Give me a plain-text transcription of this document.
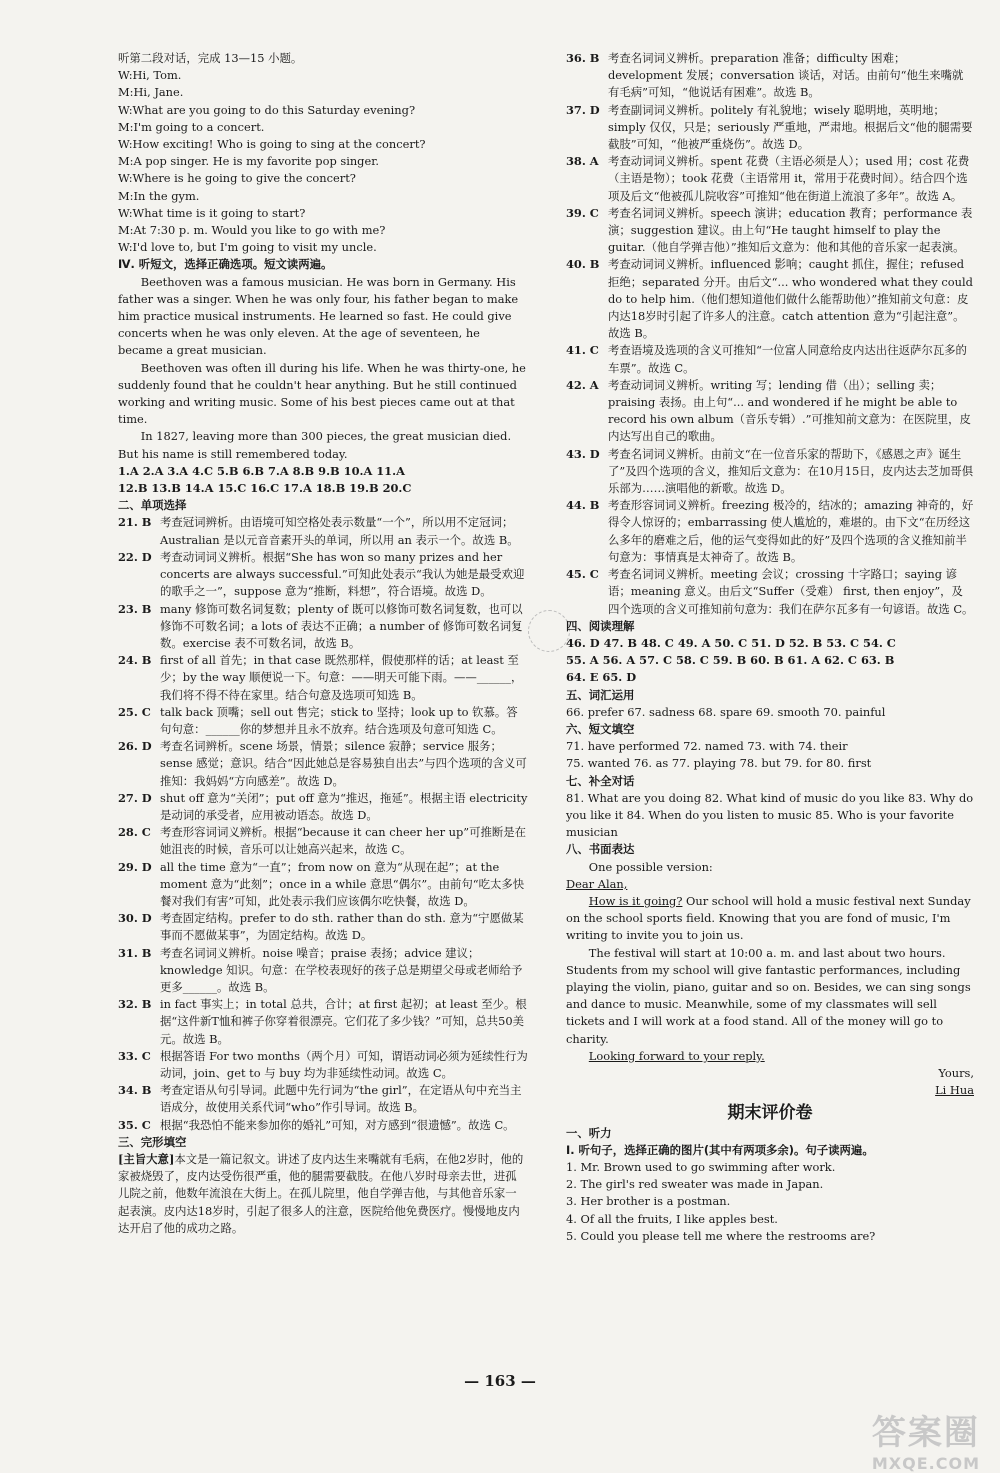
听第二段对话，完成 13—15 小题。
W:Hi, Tom.
M:Hi, Jane.
W:What are you going to do this Saturday evening?
M:I'm going to a concert.
W:How exciting! Who is going to sing at the concert?
M:A pop singer. He is my favorite pop singer.
W:Where is he going to give the concert?
M:In the gym.
W:What time is it going to start?
M:At 7:30 p. m. Would you like to go with me?
W:I'd love to, but I'm going to visit my uncle.
Ⅳ. 听短文，选择正确选项。短文读两遍。
Beethoven was a famous musician. He was born in Germany. His father was a singer. When he was only four, his father began to make him practice musical instruments. He learned so fast. He could give concerts when he was only eleven. At the age of seventeen, he became a great musician.
Beethoven was often ill during his life. When he was thirty-one, he suddenly found that he couldn't hear anything. But he still continued working and writing music. Some of his best pieces came out at that time.
In 1827, leaving more than 300 pieces, the great musician died. But his name is still remembered today.
1.A 2.A 3.A 4.C 5.B 6.B 7.A 8.B 9.B 10.A 11.A
12.B 13.B 14.A 15.C 16.C 17.A 18.B 19.B 20.C
二、单项选择
21. B 考查冠词辨析。由语境可知空格处表示数量“一个”，所以用不定冠词；Australian 是以元音音素开头的单词，所以用 an 表示一个。故选 B。
22. D 考查动词词义辨析。根据“She has won so many prizes and her concerts are always successful.”可知此处表示“我认为她是最受欢迎的歌手之一”，suppose 意为“推断，料想”，符合语境。故选 D。
23. B many 修饰可数名词复数；plenty of 既可以修饰可数名词复数，也可以修饰不可数名词；a lots of 表达不正确；a number of 修饰可数名词复数。exercise 表不可数名词，故选 B。
24. B first of all 首先；in that case 既然那样，假使那样的话；at least 至少；by the way 顺便说一下。句意：——明天可能下雨。——______，我们将不得不待在家里。结合句意及选项可知选 B。
25. C talk back 顶嘴；sell out 售完；stick to 坚持；look up to 钦慕。答句句意：______你的梦想并且永不放弃。结合选项及句意可知选 C。
26. D 考查名词辨析。scene 场景，情景；silence 寂静；service 服务；sense 感觉；意识。结合“因此她总是容易独自出去”与四个选项的含义可推知：我妈妈“方向感差”。故选 D。
27. D shut off 意为“关闭”；put off 意为“推迟，拖延”。根据主语 electricity 是动词的承受者，应用被动语态。故选 D。
28. C 考查形容词词义辨析。根据“because it can cheer her up”可推断是在她沮丧的时候，音乐可以让她高兴起来，故选 C。
29. D all the time 意为“一直”；from now on 意为“从现在起”；at the moment 意为“此刻”；once in a while 意思“偶尔”。由前句“吃太多快餐对我们有害”可知，此处表示我们应该偶尔吃快餐，故选 D。
30. D 考查固定结构。prefer to do sth. rather than do sth. 意为“宁愿做某事而不愿做某事”，为固定结构。故选 D。
31. B 考查名词词义辨析。noise 噪音；praise 表扬；advice 建议；knowledge 知识。句意：在学校表现好的孩子总是期望父母或老师给予更多______。故选 B。
32. B in fact 事实上；in total 总共，合计；at first 起初；at least 至少。根据“这件新T恤和裤子你穿着很漂亮。它们花了多少钱？”可知，总共50美元。故选 B。
33. C 根据答语 For two months（两个月）可知，谓语动词必须为延续性行为动词，join、get to 与 buy 均为非延续性动词。故选 C。
34. B 考查定语从句引导词。此题中先行词为“the girl”，在定语从句中充当主语成分，故使用关系代词“who”作引导词。故选 B。
35. C 根据“我恐怕不能来参加你的婚礼”可知，对方感到“很遗憾”。故选 C。
三、完形填空
[主旨大意]本文是一篇记叙文。讲述了皮内达生来嘴就有毛病，在他2岁时，他的家被烧毁了，皮内达受伤很严重，他的腿需要截肢。在他八岁时母亲去世，进孤儿院之前，他数年流浪在大街上。在孤儿院里，他自学弹吉他，与其他音乐家一起表演。皮内达18岁时，引起了很多人的注意，医院给他免费医疗。慢慢地皮内达开启了他的成功之路。
36. B 考查名词词义辨析。preparation 准备；difficulty 困难；development 发展；conversation 谈话，对话。由前句“他生来嘴就有毛病”可知，“他说话有困难”。故选 B。
37. D 考查副词词义辨析。politely 有礼貌地；wisely 聪明地，英明地；simply 仅仅，只是；seriously 严重地，严肃地。根据后文“他的腿需要截肢”可知，“他被严重烧伤”。故选 D。
38. A 考查动词词义辨析。spent 花费（主语必须是人）；used 用；cost 花费（主语是物）；took 花费（主语常用 it，常用于花费时间）。结合四个选项及后文“他被孤儿院收容”可推知“他在街道上流浪了多年”。故选 A。
39. C 考查名词词义辨析。speech 演讲；education 教育；performance 表演；suggestion 建议。由上句“He taught himself to play the guitar.（他自学弹吉他）”推知后文意为：他和其他的音乐家一起表演。
40. B 考查动词词义辨析。influenced 影响；caught 抓住，握住；refused 拒绝；separated 分开。由后文“... who wondered what they could do to help him.（他们想知道他们做什么能帮助他）”推知前文句意：皮内达18岁时引起了许多人的注意。catch attention 意为“引起注意”。故选 B。
41. C 考查语境及选项的含义可推知“一位富人同意给皮内达出往返萨尔瓦多的车票”。故选 C。
42. A 考查动词词义辨析。writing 写；lending 借（出）；selling 卖；praising 表扬。由上句“... and wondered if he might be able to record his own album（音乐专辑）.”可推知前文意为：在医院里，皮内达写出自己的歌曲。
43. D 考查名词词义辨析。由前文“在一位音乐家的帮助下，《感恩之声》诞生了”及四个选项的含义，推知后文意为：在10月15日，皮内达去芝加哥俱乐部为……演唱他的新歌。故选 D。
44. B 考查形容词词义辨析。freezing 极冷的，结冰的；amazing 神奇的，好得令人惊讶的；embarrassing 使人尴尬的，难堪的。由下文“在历经这么多年的磨难之后，他的运气变得如此的好”及四个选项的含义推知前半句意为：事情真是太神奇了。故选 B。
45. C 考查名词词义辨析。meeting 会议；crossing 十字路口；saying 谚语；meaning 意义。由后文“Suffer（受难） first, then enjoy”，及四个选项的含义可推知前句意为：我们在萨尔瓦多有一句谚语。故选 C。
四、阅读理解
46. D 47. B 48. C 49. A 50. C 51. D 52. B 53. C 54. C
55. A 56. A 57. C 58. C 59. B 60. B 61. A 62. C 63. B
64. E 65. D
五、词汇运用
66. prefer 67. sadness 68. spare 69. smooth 70. painful
六、短文填空
71. have performed 72. named 73. with 74. their
75. wanted 76. as 77. playing 78. but 79. for 80. first
七、补全对话
81. What are you doing 82. What kind of music do you like 83. Why do you like it 84. When do you listen to music 85. Who is your favorite musician
八、书面表达
One possible version:
Dear Alan,
How is it going? Our school will hold a music festival next Sunday on the school sports field. Knowing that you are fond of music, I'm writing to invite you to join us.
The festival will start at 10:00 a. m. and last about two hours. Students from my school will give fantastic performances, including playing the violin, piano, guitar and so on. Besides, we can sing songs and dance to music. Meanwhile, some of my classmates will sell tickets and I will work at a food stand. All of the money will go to charity.
Looking forward to your reply.
Yours,
Li Hua
期末评价卷
一、听力
Ⅰ. 听句子，选择正确的图片(其中有两项多余)。句子读两遍。
1. Mr. Brown used to go swimming after work.
2. The girl's red sweater was made in Japan.
3. Her brother is a postman.
4. Of all the fruits, I like apples best.
5. Could you please tell me where the restrooms are?
— 163 —
答案圈
MXQE.COM
